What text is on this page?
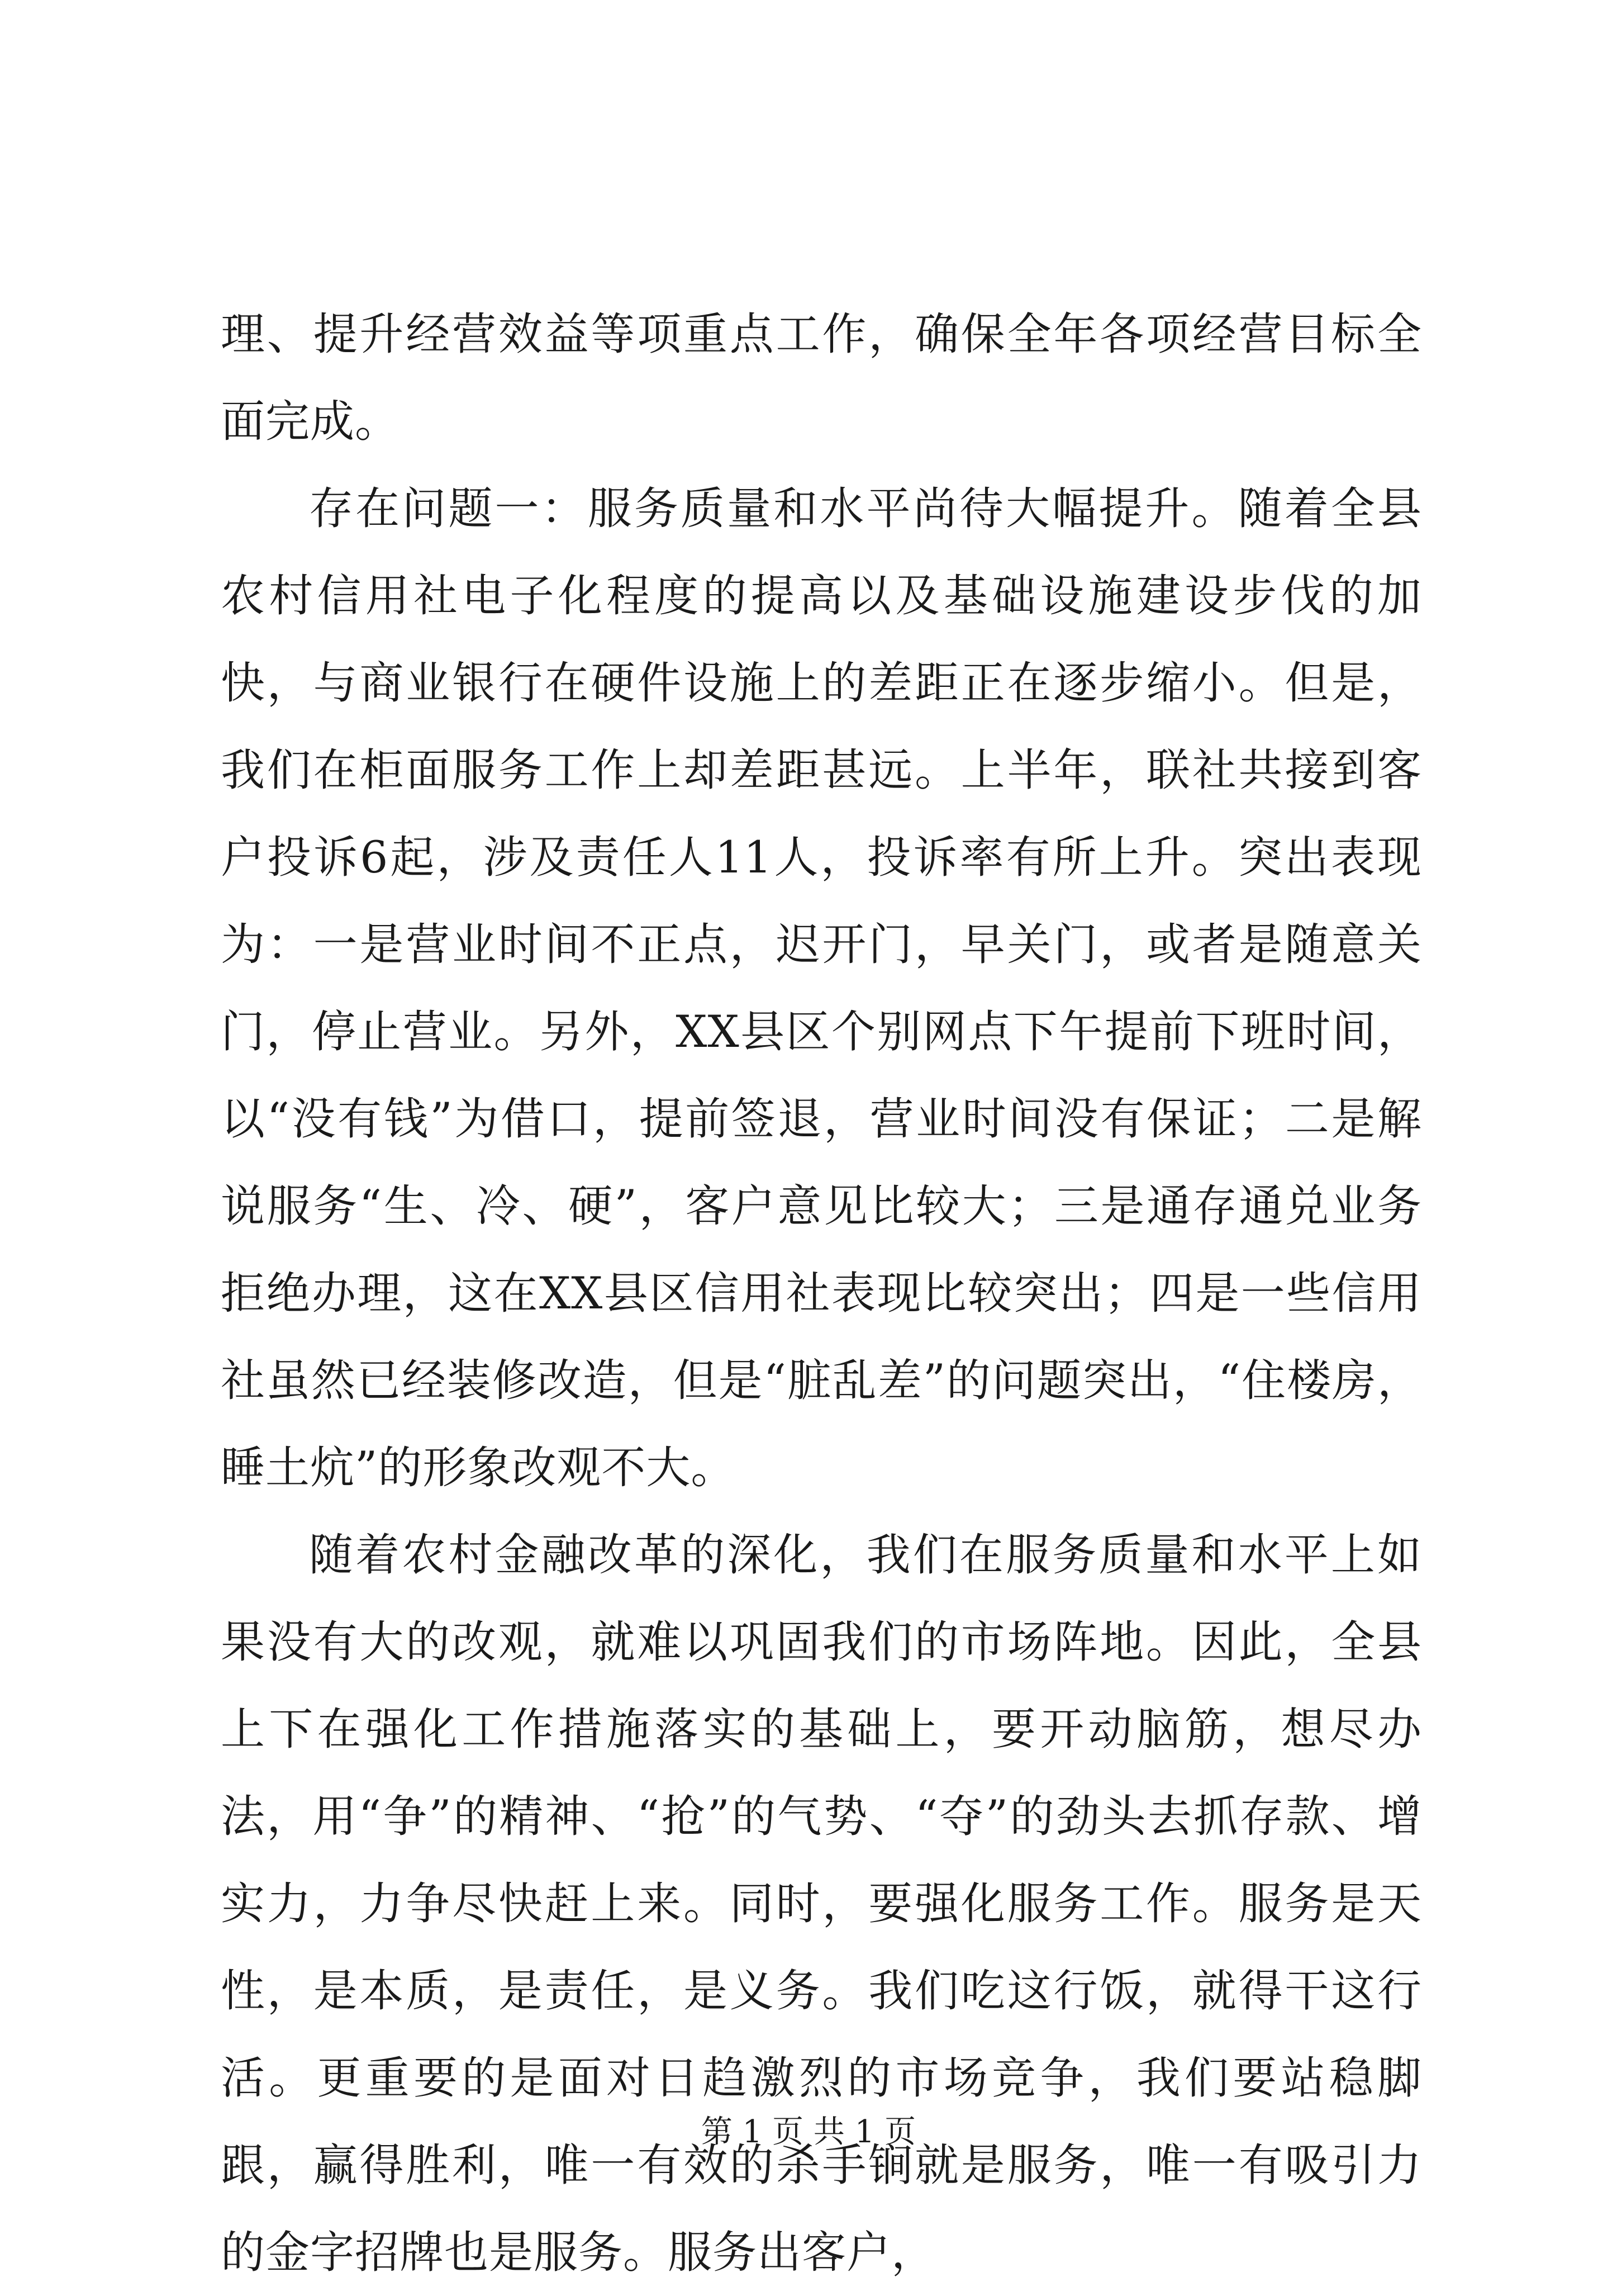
理、提升经营效益等项重点工作，确保全年各项经营目标全面完成。

存在问题一：服务质量和水平尚待大幅提升。随着全县农村信用社电子化程度的提高以及基础设施建设步伐的加快，与商业银行在硬件设施上的差距正在逐步缩小。但是，我们在柜面服务工作上却差距甚远。上半年，联社共接到客户投诉6起，涉及责任人11人，投诉率有所上升。突出表现为：一是营业时间不正点，迟开门，早关门，或者是随意关门，停止营业。另外，XX县区个别网点下午提前下班时间，以“没有钱”为借口，提前签退，营业时间没有保证；二是解说服务“生、冷、硬”，客户意见比较大；三是通存通兑业务拒绝办理，这在XX县区信用社表现比较突出；四是一些信用社虽然已经装修改造，但是“脏乱差”的问题突出，“住楼房，睡土炕”的形象改观不大。

随着农村金融改革的深化，我们在服务质量和水平上如果没有大的改观，就难以巩固我们的市场阵地。因此，全县上下在强化工作措施落实的基础上，要开动脑筋，想尽办法，用“争”的精神、“抢”的气势、“夺”的劲头去抓存款、增实力，力争尽快赶上来。同时，要强化服务工作。服务是天性，是本质，是责任，是义务。我们吃这行饭，就得干这行活。更重要的是面对日趋激烈的市场竞争，我们要站稳脚跟，赢得胜利，唯一有效的杀手锏就是服务，唯一有吸引力的金字招牌也是服务。服务出客户，

第 1 页 共 1 页
